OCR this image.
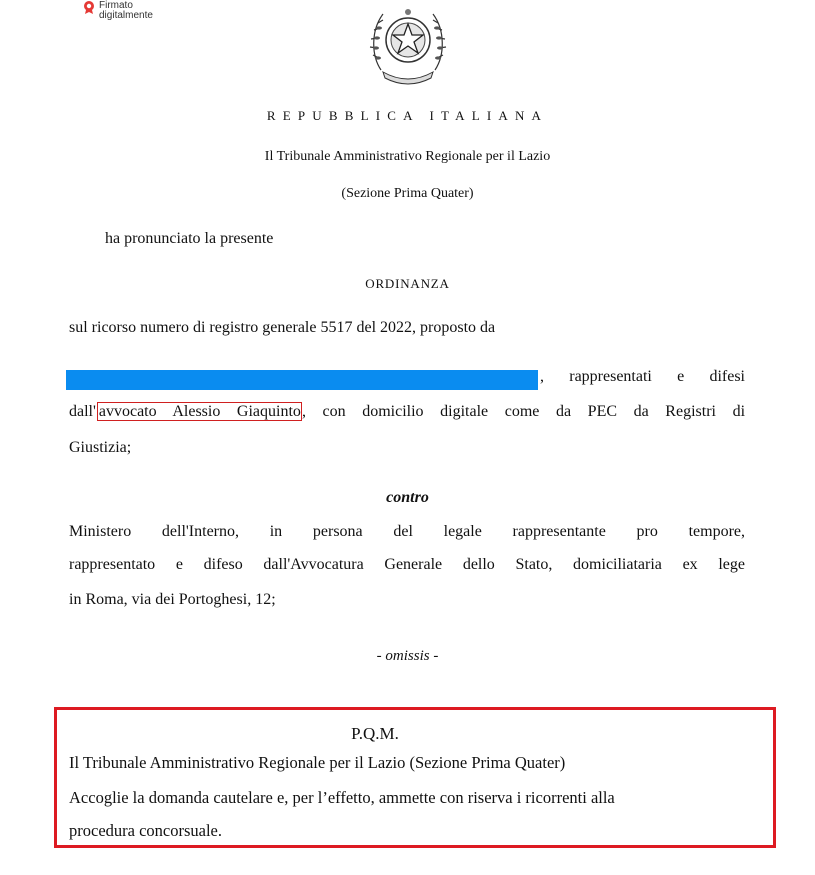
Firmato
digitalmente
REPUBBLICA ITALIANA
Il Tribunale Amministrativo Regionale per il Lazio
(Sezione Prima Quater)
ha pronunciato la presente
ORDINANZA
sul ricorso numero di registro generale 5517 del 2022, proposto da
, rappresentati e difesi
dall' avvocato Alessio Giaquinto, con domicilio digitale come da PEC da Registri di
Giustizia;
contro
Ministero dell'Interno, in persona del legale rappresentante pro tempore,
rappresentato e difeso dall'Avvocatura Generale dello Stato, domiciliataria ex lege
in Roma, via dei Portoghesi, 12;
- omissis -
P.Q.M.
Il Tribunale Amministrativo Regionale per il Lazio (Sezione Prima Quater)
Accoglie la domanda cautelare e, per l’effetto, ammette con riserva i ricorrenti alla
procedura concorsuale.
